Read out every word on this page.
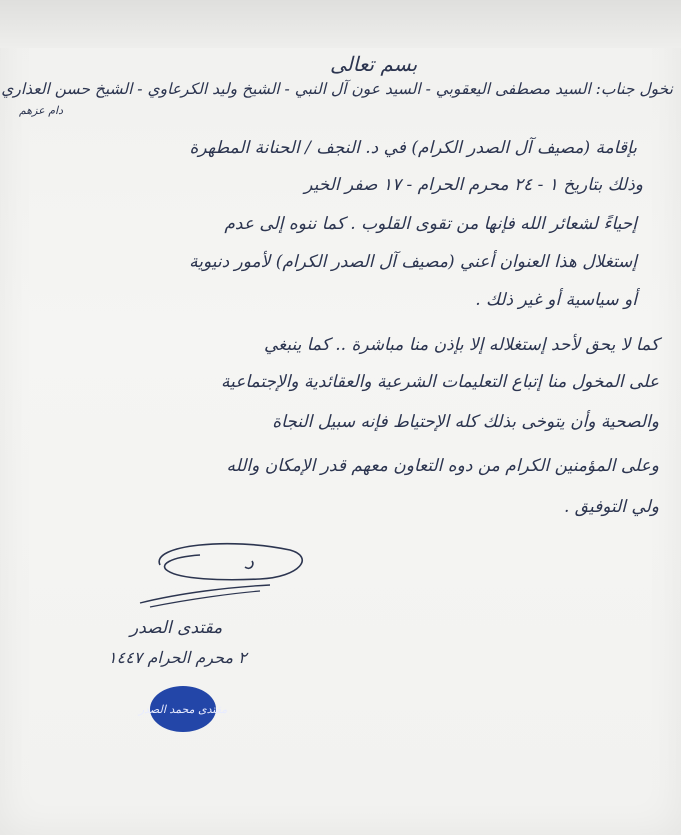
بسم تعالى
نخول جناب: السيد مصطفى اليعقوبي - السيد عون آل النبي - الشيخ وليد الكرعاوي - الشيخ حسن العذاري
دام عزهم
بإقامة (مصيف آل الصدر الكرام) في د. النجف / الحنانة المطهرة
وذلك بتاريخ ١ - ٢٤ محرم الحرام - ١٧ صفر الخير
إحياءً لشعائر الله فإنها من تقوى القلوب . كما ننوه إلى عدم
إستغلال هذا العنوان أعني (مصيف آل الصدر الكرام) لأمور دنيوية
أو سياسية أو غير ذلك .
كما لا يحق لأحد إستغلاله إلا بإذن منا مباشرة .. كما ينبغي
على المخول منا إتباع التعليمات الشرعية والعقائدية والإجتماعية
والصحية وأن يتوخى بذلك كله الإحتياط فإنه سبيل النجاة
وعلى المؤمنين الكرام من دوه التعاون معهم قدر الإمكان والله
ولي التوفيق .
مقتدى الصدر
٢ محرم الحرام ١٤٤٧
مقتدى محمد الصدر
